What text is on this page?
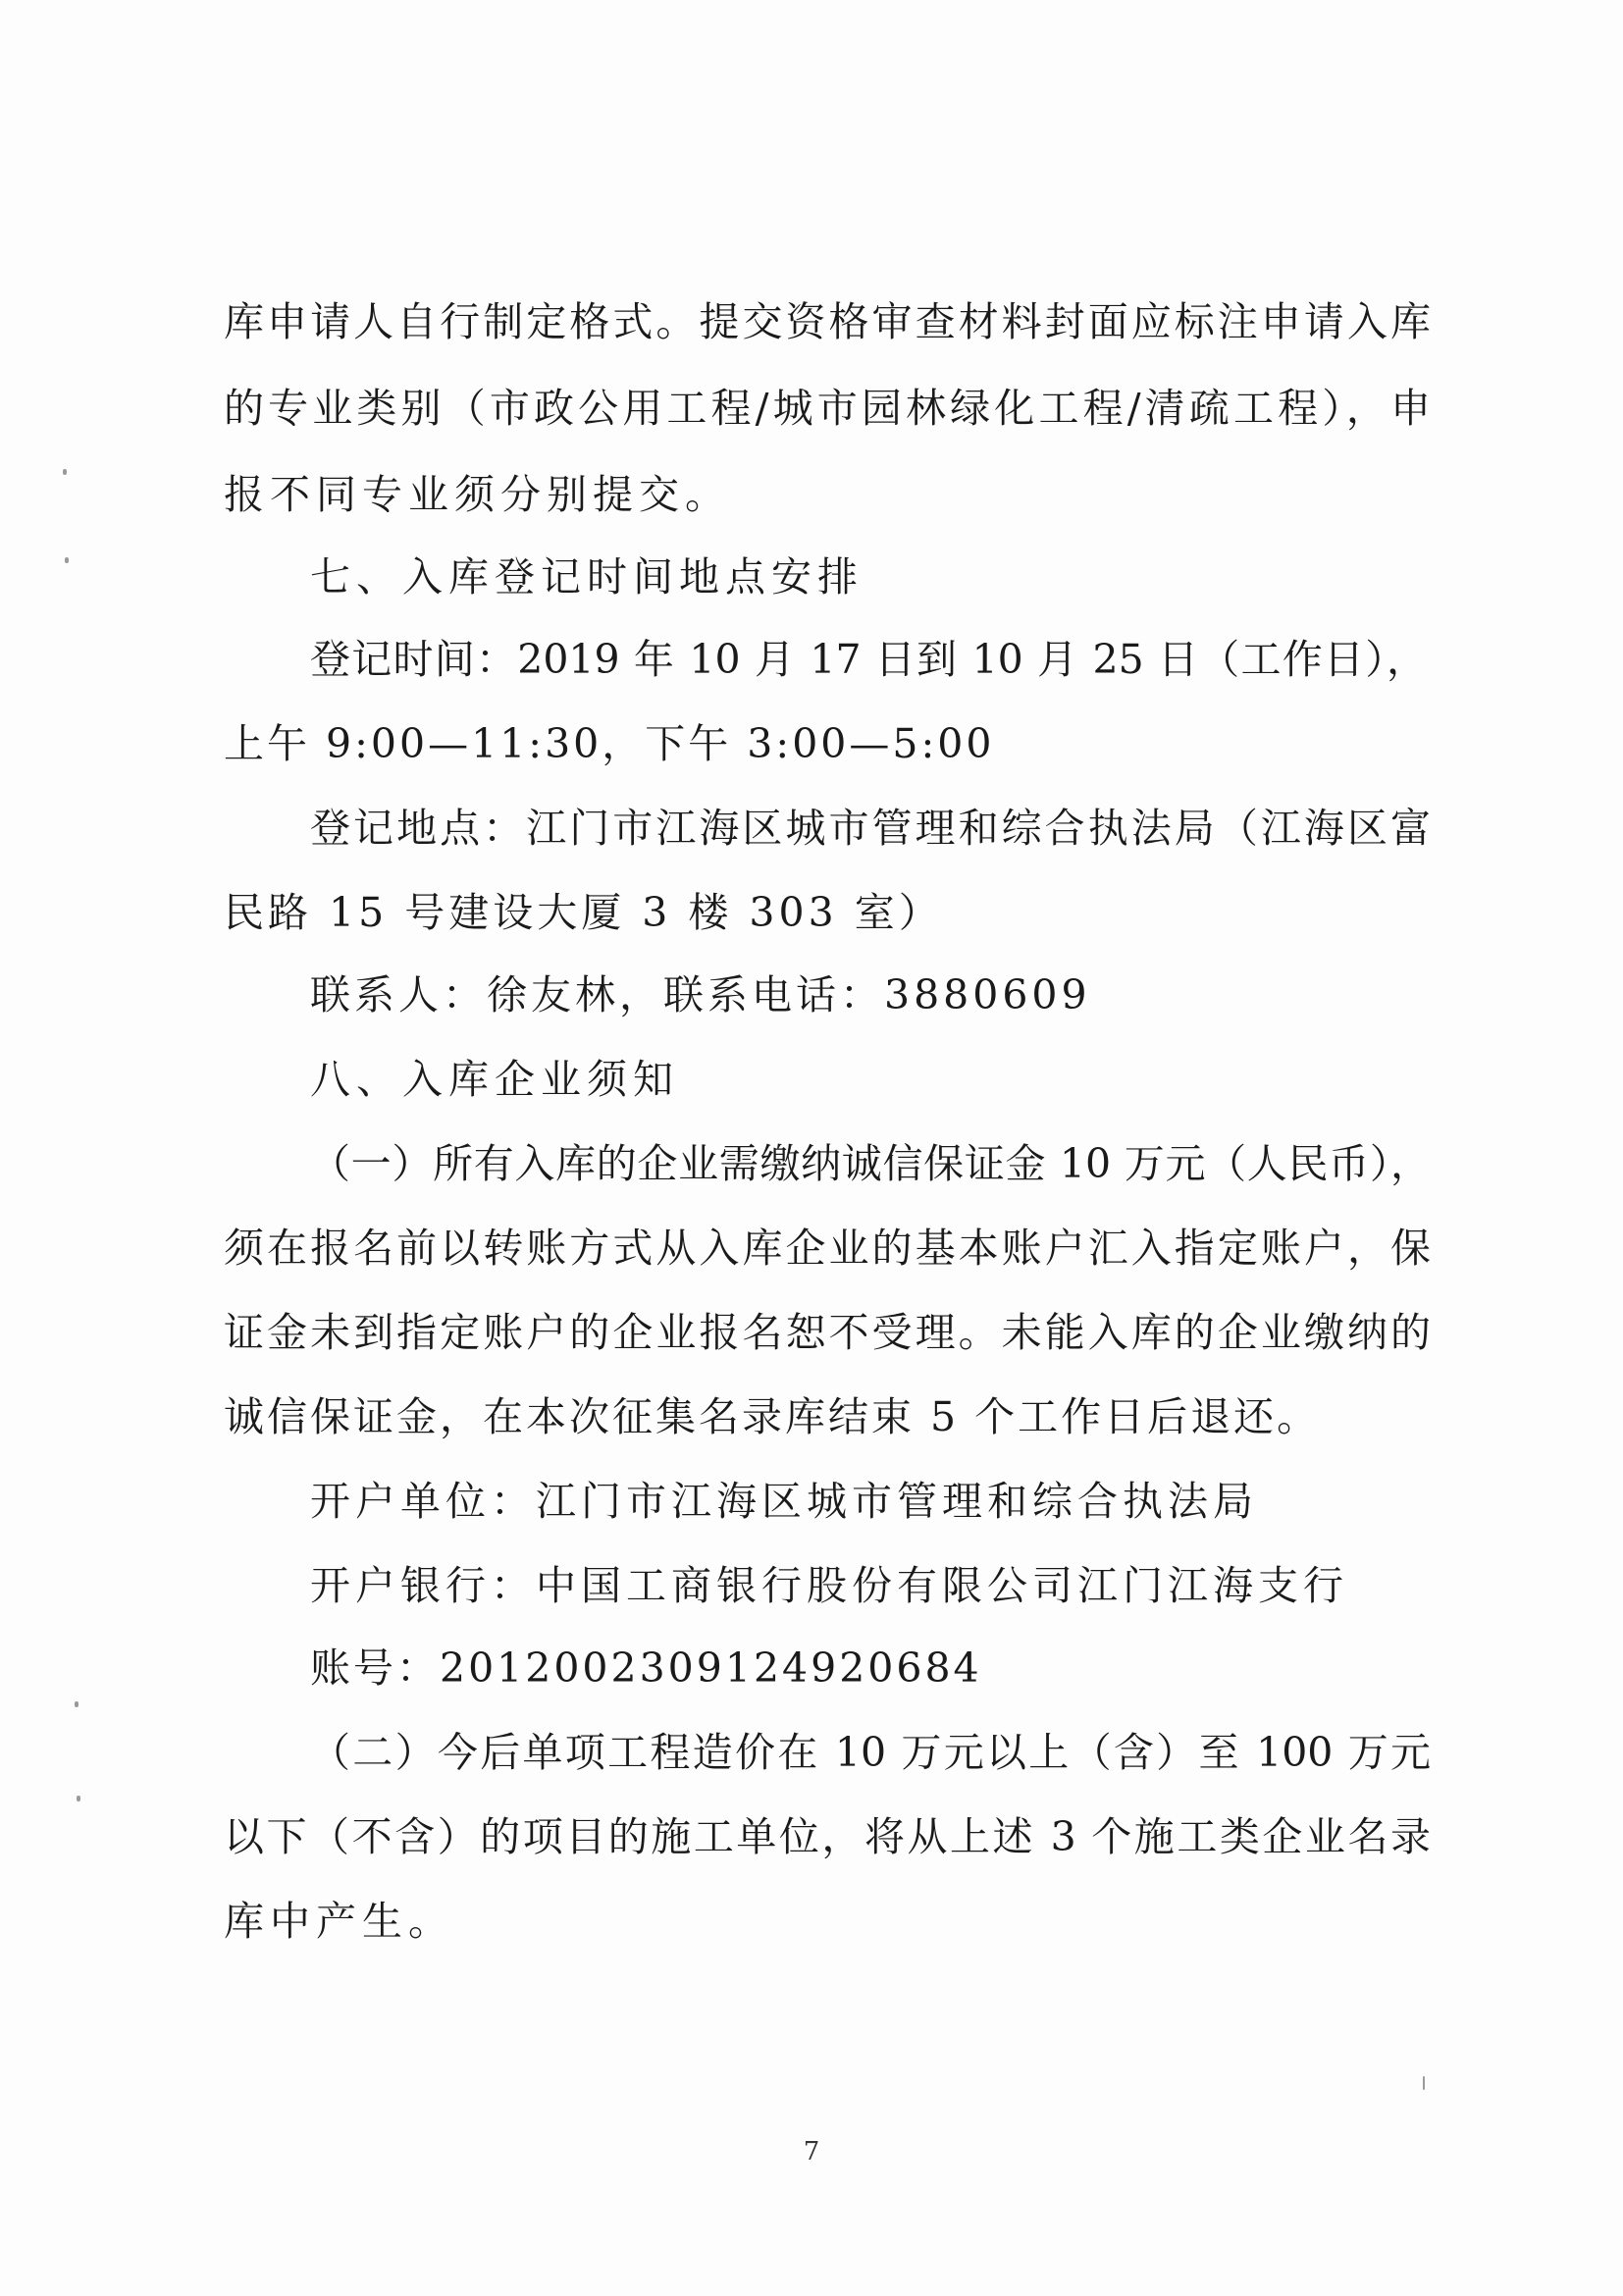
库申请人自行制定格式。提交资格审查材料封面应标注申请入库
的专业类别（市政公用工程/城市园林绿化工程/清疏工程），申
报不同专业须分别提交。
七、入库登记时间地点安排
登记时间：2019 年 10 月 17 日到 10 月 25 日（工作日），
上午 9:00—11:30，下午 3:00—5:00
登记地点：江门市江海区城市管理和综合执法局（江海区富
民路 15 号建设大厦 3 楼 303 室）
联系人：徐友林，联系电话：3880609
八、入库企业须知
（一）所有入库的企业需缴纳诚信保证金 10 万元（人民币），
须在报名前以转账方式从入库企业的基本账户汇入指定账户，保
证金未到指定账户的企业报名恕不受理。未能入库的企业缴纳的
诚信保证金，在本次征集名录库结束 5 个工作日后退还。
开户单位：江门市江海区城市管理和综合执法局
开户银行：中国工商银行股份有限公司江门江海支行
账号：2012002309124920684
（二）今后单项工程造价在 10 万元以上（含）至 100 万元
以下（不含）的项目的施工单位，将从上述 3 个施工类企业名录
库中产生。
7
